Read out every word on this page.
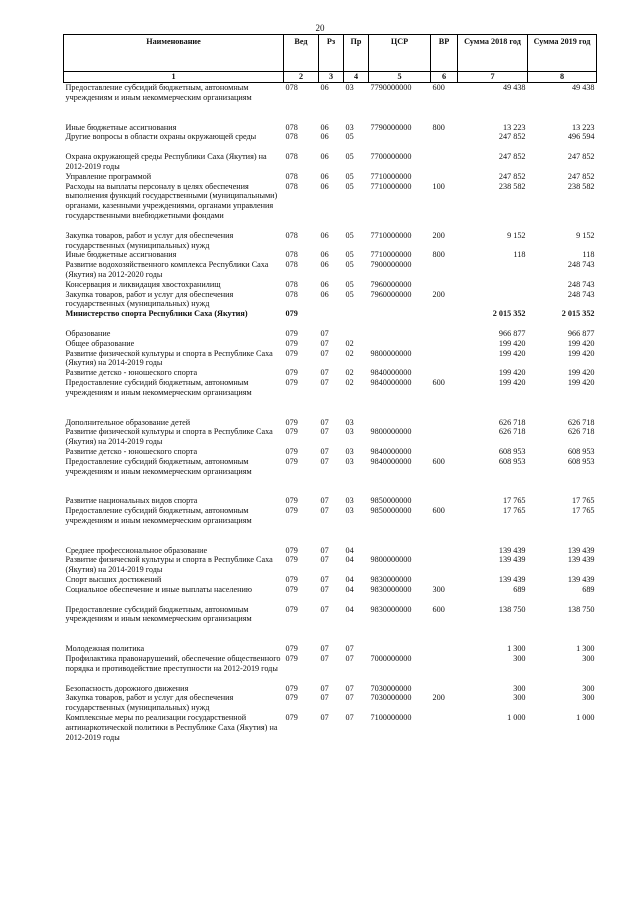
20
Наименование	Вед	Рз	Пр	ЦСР	ВР	Сумма 2018 год	Сумма 2019 год
1	2	3	4	5	6	7	8
Предоставление субсидий бюджетным, автономным учреждениям и иным некоммерческим организациям	078	06	03	7790000000	600	49 438	49 438

Иные бюджетные ассигнования	078	06	03	7790000000	800	13 223	13 223
Другие вопросы в области охраны окружающей среды	078	06	05			247 852	496 594

Охрана окружающей среды Республики Саха (Якутия) на 2012-2019 годы	078	06	05	7700000000		247 852	247 852
Управление программой	078	06	05	7710000000		247 852	247 852
Расходы на выплаты персоналу в целях обеспечения выполнения функций государственными (муниципальными) органами, казенными учреждениями, органами управления государственными внебюджетными фондами	078	06	05	7710000000	100	238 582	238 582

Закупка товаров, работ и услуг для обеспечения государственных (муниципальных) нужд	078	06	05	7710000000	200	9 152	9 152
Иные бюджетные ассигнования	078	06	05	7710000000	800	118	118
Развитие водохозяйственного комплекса Республики Саха (Якутия) на 2012-2020 годы	078	06	05	7900000000			248 743
Консервация и ликвидация хвостохранилищ	078	06	05	7960000000			248 743
Закупка товаров, работ и услуг для обеспечения государственных (муниципальных) нужд	078	06	05	7960000000	200		248 743
Министерство спорта Республики Саха (Якутия)	079					2 015 352	2 015 352

Образование	079	07				966 877	966 877
Общее образование	079	07	02			199 420	199 420
Развитие физической культуры и спорта в Республике Саха (Якутия) на 2014-2019 годы	079	07	02	9800000000		199 420	199 420
Развитие детско - юношеского спорта	079	07	02	9840000000		199 420	199 420
Предоставление субсидий бюджетным, автономным учреждениям и иным некоммерческим организациям	079	07	02	9840000000	600	199 420	199 420

Дополнительное образование детей	079	07	03			626 718	626 718
Развитие физической культуры и спорта в Республике Саха (Якутия) на 2014-2019 годы	079	07	03	9800000000		626 718	626 718
Развитие детско - юношеского спорта	079	07	03	9840000000		608 953	608 953
Предоставление субсидий бюджетным, автономным учреждениям и иным некоммерческим организациям	079	07	03	9840000000	600	608 953	608 953

Развитие национальных видов спорта	079	07	03	9850000000		17 765	17 765
Предоставление субсидий бюджетным, автономным учреждениям и иным некоммерческим организациям	079	07	03	9850000000	600	17 765	17 765

Среднее профессиональное образование	079	07	04			139 439	139 439
Развитие физической культуры и спорта в Республике Саха (Якутия) на 2014-2019 годы	079	07	04	9800000000		139 439	139 439
Спорт высших достижений	079	07	04	9830000000		139 439	139 439
Социальное обеспечение и иные выплаты населению	079	07	04	9830000000	300	689	689

Предоставление субсидий бюджетным, автономным учреждениям и иным некоммерческим организациям	079	07	04	9830000000	600	138 750	138 750

Молодежная политика	079	07	07			1 300	1 300
Профилактика правонарушений, обеспечение общественного порядка и противодействие преступности на 2012-2019 годы	079	07	07	7000000000		300	300

Безопасность дорожного движения	079	07	07	7030000000		300	300
Закупка товаров, работ и услуг для обеспечения государственных (муниципальных) нужд	079	07	07	7030000000	200	300	300
Комплексные меры по реализации государственной антинаркотической политики в Республике Саха (Якутия) на 2012-2019 годы	079	07	07	7100000000		1 000	1 000
